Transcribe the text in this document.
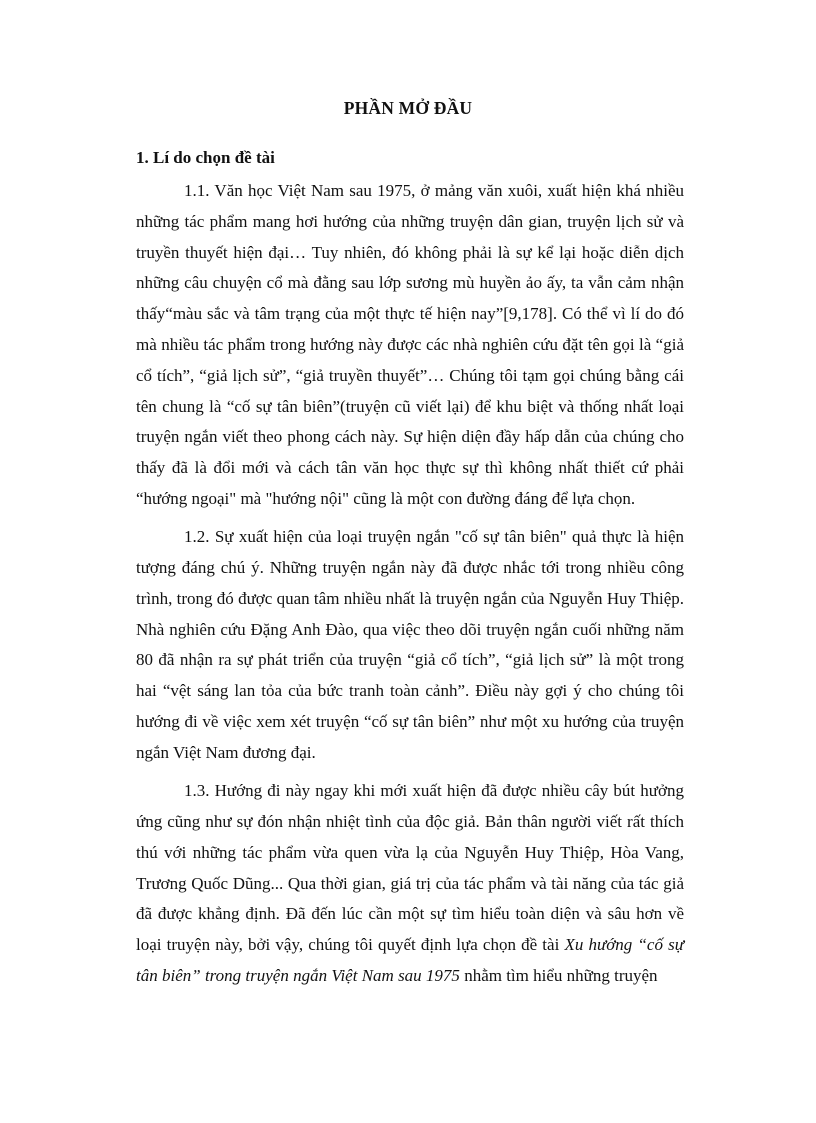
PHẦN MỞ ĐẦU
1. Lí do chọn đề tài

1.1. Văn học Việt Nam sau 1975, ở mảng văn xuôi, xuất hiện khá nhiều những tác phẩm mang hơi hướng của những truyện dân gian, truyện lịch sử và truyền thuyết hiện đại… Tuy nhiên, đó không phải là sự kể lại hoặc diễn dịch những câu chuyện cổ mà đằng sau lớp sương mù huyền ảo ấy, ta vẫn cảm nhận thấy“màu sắc và tâm trạng của một thực tế hiện nay”[9,178]. Có thể vì lí do đó mà nhiều tác phẩm trong hướng này được các nhà nghiên cứu đặt tên gọi là “giả cổ tích”, “giả lịch sử”, “giả truyền thuyết”… Chúng tôi tạm gọi chúng bằng cái tên chung là “cố sự tân biên”(truyện cũ viết lại) để khu biệt và thống nhất loại truyện ngắn viết theo phong cách này. Sự hiện diện đầy hấp dẫn của chúng cho thấy đã là đổi mới và cách tân văn học thực sự thì không nhất thiết cứ phải “hướng ngoại" mà "hướng nội" cũng là một con đường đáng để lựa chọn.

1.2. Sự xuất hiện của loại truyện ngắn "cố sự tân biên" quả thực là hiện tượng đáng chú ý. Những truyện ngắn này đã được nhắc tới trong nhiều công trình, trong đó được quan tâm nhiều nhất là truyện ngắn của Nguyễn Huy Thiệp. Nhà nghiên cứu Đặng Anh Đào, qua việc theo dõi truyện ngắn cuối những năm 80 đã nhận ra sự phát triển của truyện “giả cổ tích”, “giả lịch sử” là một trong hai “vệt sáng lan tỏa của bức tranh toàn cảnh”. Điều này gợi ý cho chúng tôi hướng đi về việc xem xét truyện “cố sự tân biên” như một xu hướng của truyện ngắn Việt Nam đương đại.

1.3. Hướng đi này ngay khi mới xuất hiện đã được nhiều cây bút hưởng ứng cũng như sự đón nhận nhiệt tình của độc giả. Bản thân người viết rất thích thú với những tác phẩm vừa quen vừa lạ của Nguyễn Huy Thiệp, Hòa Vang, Trương Quốc Dũng... Qua thời gian, giá trị của tác phẩm và tài năng của tác giả đã được khẳng định. Đã đến lúc cần một sự tìm hiểu toàn diện và sâu hơn về loại truyện này, bởi vậy, chúng tôi quyết định lựa chọn đề tài Xu hướng “cố sự tân biên” trong truyện ngắn Việt Nam sau 1975 nhằm tìm hiểu những truyện
